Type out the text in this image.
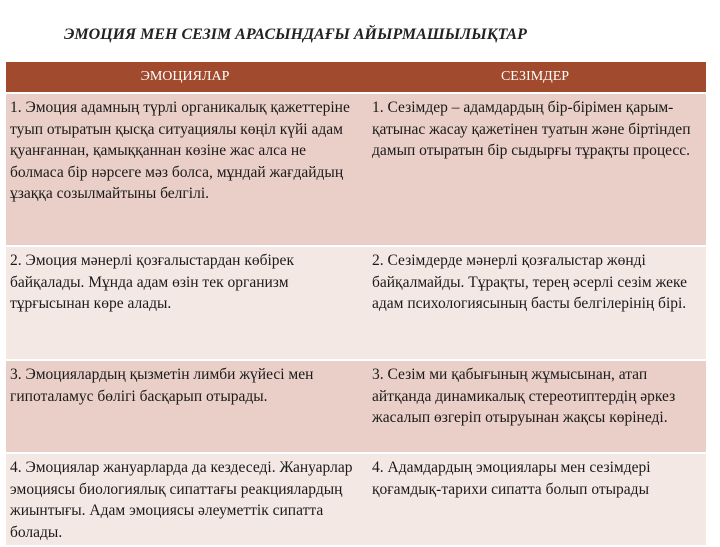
ЭМОЦИЯ МЕН СЕЗІМ АРАСЫНДАҒЫ АЙЫРМАШЫЛЫҚТАР
ЭМОЦИЯЛАР	СЕЗІМДЕР
1. Эмоция адамның түрлі органикалық қажеттеріне туып отыратын қысқа ситуациялы көңіл күйі адам қуанғаннан, қамыққаннан көзіне жас алса не болмаса бір нәрсеге мәз болса, мұндай жағдайдың ұзаққа созылмайтыны белгілі.	1. Сезімдер – адамдардың бір-бірімен қарым-қатынас жасау қажетінен туатын және біртіндеп дамып отыратын бір сыдырғы тұрақты процесс.
2. Эмоция мәнерлі қозғалыстардан көбірек байқалады. Мұнда адам өзін тек организм тұрғысынан көре алады.	2. Сезімдерде мәнерлі қозғалыстар жөнді байқалмайды. Тұрақты, терең әсерлі сезім жеке адам психологиясының басты белгілерінің бірі.
3. Эмоциялардың қызметін лимби жүйесі мен гипоталамус бөлігі басқарып отырады.	3. Сезім ми қабығының жұмысынан, атап айтқанда динамикалық стереотиптердің әркез жасалып өзгеріп отыруынан жақсы көрінеді.
4. Эмоциялар жануарларда да кездеседі. Жануарлар эмоциясы биологиялық сипаттағы реакциялардың жиынтығы. Адам эмоциясы әлеуметтік сипатта болады.	4. Адамдардың эмоциялары мен сезімдері қоғамдық-тарихи сипатта болып отырады
